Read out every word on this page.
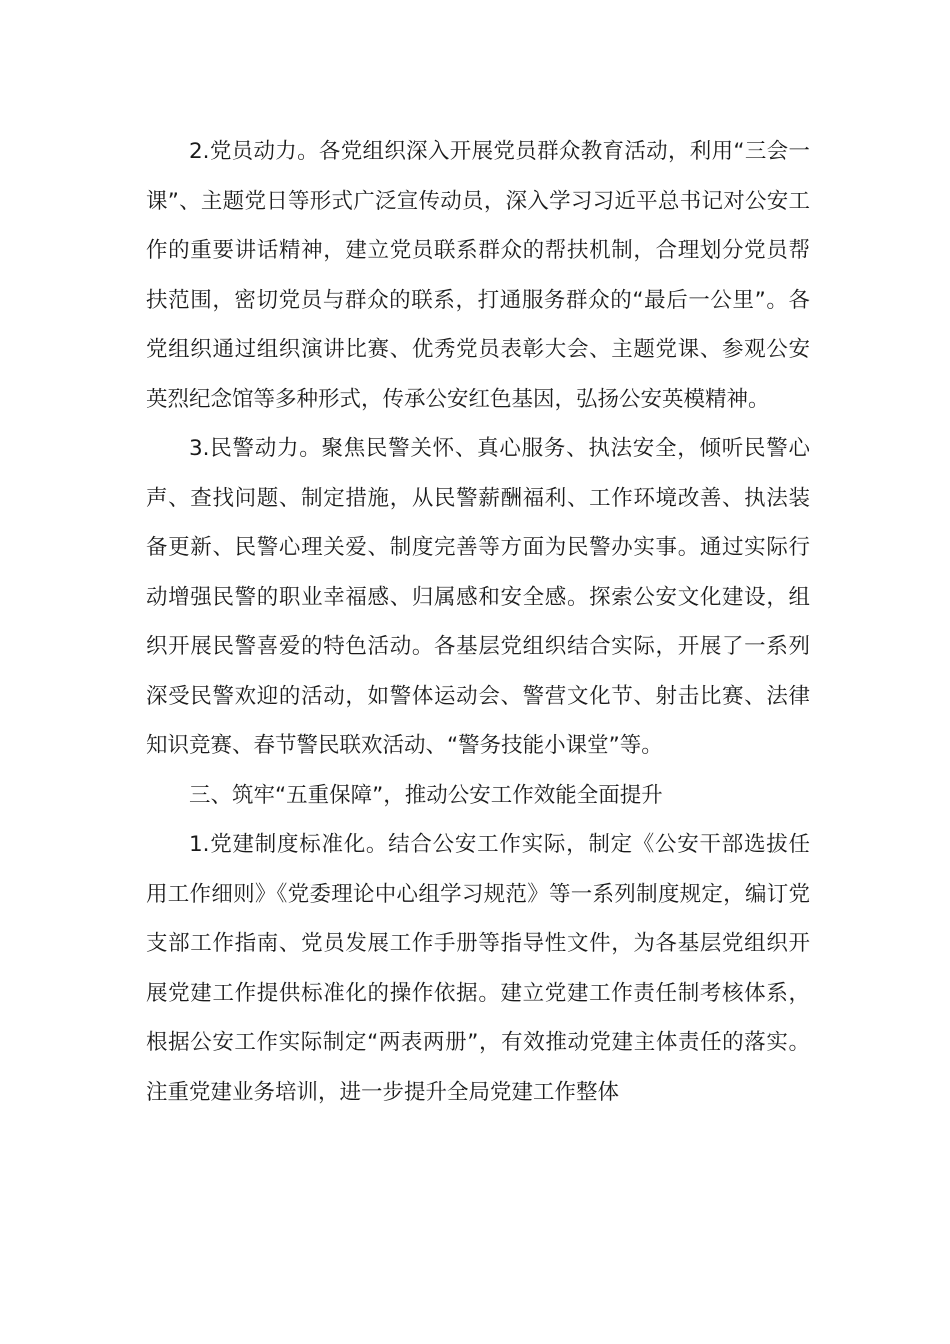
2.党员动力。各党组织深入开展党员群众教育活动，利用“三会一课”、主题党日等形式广泛宣传动员，深入学习习近平总书记对公安工作的重要讲话精神，建立党员联系群众的帮扶机制，合理划分党员帮扶范围，密切党员与群众的联系，打通服务群众的“最后一公里”。各党组织通过组织演讲比赛、优秀党员表彰大会、主题党课、参观公安英烈纪念馆等多种形式，传承公安红色基因，弘扬公安英模精神。

3.民警动力。聚焦民警关怀、真心服务、执法安全，倾听民警心声、查找问题、制定措施，从民警薪酬福利、工作环境改善、执法装备更新、民警心理关爱、制度完善等方面为民警办实事。通过实际行动增强民警的职业幸福感、归属感和安全感。探索公安文化建设，组织开展民警喜爱的特色活动。各基层党组织结合实际，开展了一系列深受民警欢迎的活动，如警体运动会、警营文化节、射击比赛、法律知识竞赛、春节警民联欢活动、“警务技能小课堂”等。

三、筑牢“五重保障”，推动公安工作效能全面提升

1.党建制度标准化。结合公安工作实际，制定《公安干部选拔任用工作细则》《党委理论中心组学习规范》等一系列制度规定，编订党支部工作指南、党员发展工作手册等指导性文件，为各基层党组织开展党建工作提供标准化的操作依据。建立党建工作责任制考核体系，根据公安工作实际制定“两表两册”，有效推动党建主体责任的落实。注重党建业务培训，进一步提升全局党建工作整体
